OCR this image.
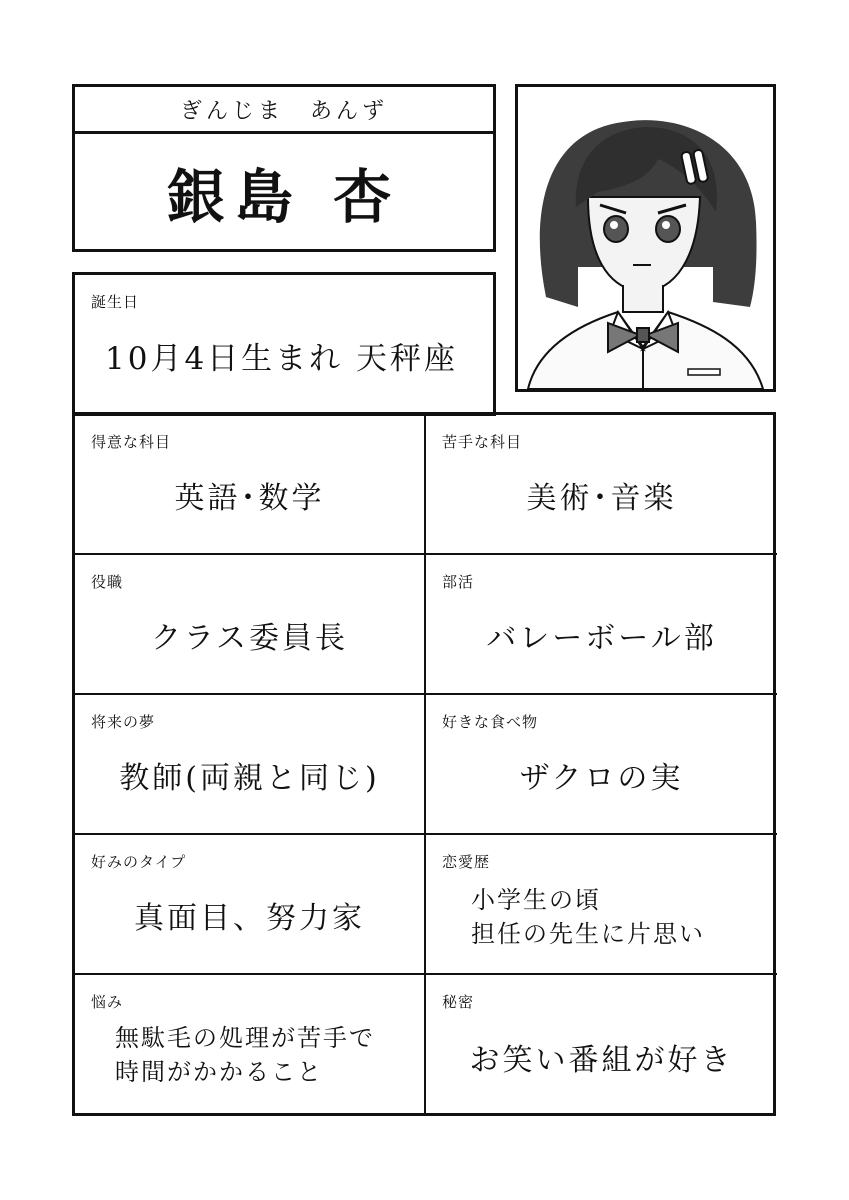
ぎんじま　あんず
銀島 杏
誕生日
10月4日生まれ 天秤座
得意な科目
英語･数学
苦手な科目
美術･音楽
役職
クラス委員長
部活
バレーボール部
将来の夢
教師(両親と同じ)
好きな食べ物
ザクロの実
好みのタイプ
真面目、努力家
恋愛歴
小学生の頃
担任の先生に片思い
悩み
無駄毛の処理が苦手で
時間がかかること
秘密
お笑い番組が好き
